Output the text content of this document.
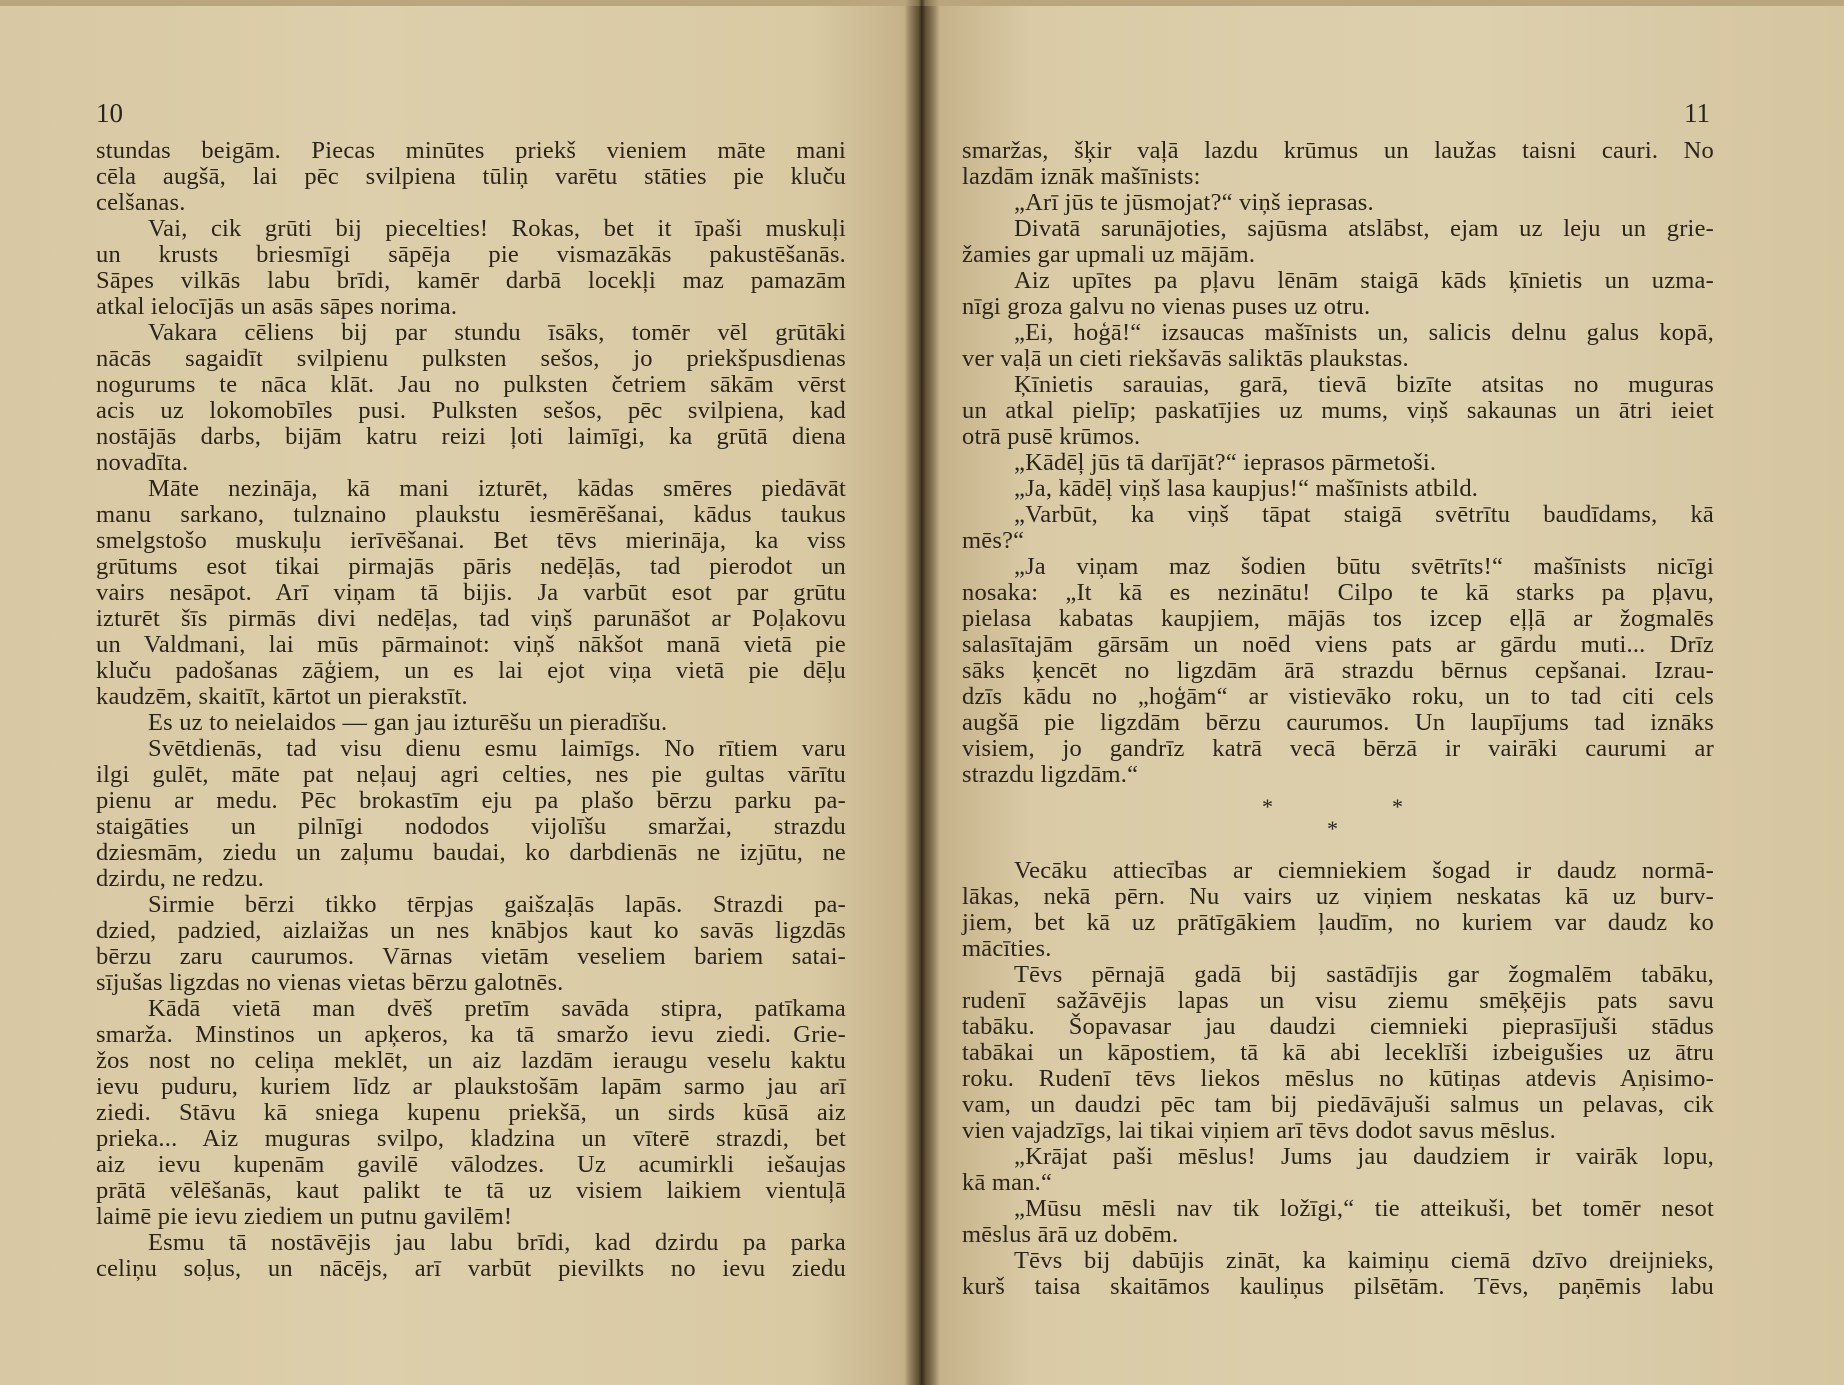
10
stundas beigām. Piecas minūtes priekš vieniem māte mani
cēla augšā, lai pēc svilpiena tūliņ varētu stāties pie kluču
celšanas.
Vai, cik grūti bij piecelties! Rokas, bet it īpaši muskuļi
un krusts briesmīgi sāpēja pie vismazākās pakustēšanās.
Sāpes vilkās labu brīdi, kamēr darbā locekļi maz pamazām
atkal ielocījās un asās sāpes norima.
Vakara cēliens bij par stundu īsāks, tomēr vēl grūtāki
nācās sagaidīt svilpienu pulksten sešos, jo priekšpusdienas
nogurums te nāca klāt. Jau no pulksten četriem sākām vērst
acis uz lokomobīles pusi. Pulksten sešos, pēc svilpiena, kad
nostājās darbs, bijām katru reizi ļoti laimīgi, ka grūtā diena
novadīta.
Māte nezināja, kā mani izturēt, kādas smēres piedāvāt
manu sarkano, tulznaino plaukstu iesmērēšanai, kādus taukus
smelgstošo muskuļu ierīvēšanai. Bet tēvs mierināja, ka viss
grūtums esot tikai pirmajās pāris nedēļās, tad pierodot un
vairs nesāpot. Arī viņam tā bijis. Ja varbūt esot par grūtu
izturēt šīs pirmās divi nedēļas, tad viņš parunāšot ar Poļakovu
un Valdmani, lai mūs pārmainot: viņš nākšot manā vietā pie
kluču padošanas zāģiem, un es lai ejot viņa vietā pie dēļu
kaudzēm, skaitīt, kārtot un pierakstīt.
Es uz to neielaidos — gan jau izturēšu un pieradīšu.
Svētdienās, tad visu dienu esmu laimīgs. No rītiem varu
ilgi gulēt, māte pat neļauj agri celties, nes pie gultas vārītu
pienu ar medu. Pēc brokastīm eju pa plašo bērzu parku pa-
staigāties un pilnīgi nododos vijolīšu smaržai, strazdu
dziesmām, ziedu un zaļumu baudai, ko darbdienās ne izjūtu, ne
dzirdu, ne redzu.
Sirmie bērzi tikko tērpjas gaišzaļās lapās. Strazdi pa-
dzied, padzied, aizlaižas un nes knābjos kaut ko savās ligzdās
bērzu zaru caurumos. Vārnas vietām veseliem bariem satai-
sījušas ligzdas no vienas vietas bērzu galotnēs.
Kādā vietā man dvēš pretīm savāda stipra, patīkama
smarža. Minstinos un apķeros, ka tā smaržo ievu ziedi. Grie-
žos nost no celiņa meklēt, un aiz lazdām ieraugu veselu kaktu
ievu puduru, kuriem līdz ar plaukstošām lapām sarmo jau arī
ziedi. Stāvu kā sniega kupenu priekšā, un sirds kūsā aiz
prieka... Aiz muguras svilpo, kladzina un vīterē strazdi, bet
aiz ievu kupenām gavilē vālodzes. Uz acumirkli iešaujas
prātā vēlēšanās, kaut palikt te tā uz visiem laikiem vientuļā
laimē pie ievu ziediem un putnu gavilēm!
Esmu tā nostāvējis jau labu brīdi, kad dzirdu pa parka
celiņu soļus, un nācējs, arī varbūt pievilkts no ievu ziedu
11
smaržas, šķir vaļā lazdu krūmus un laužas taisni cauri. No
lazdām iznāk mašīnists:
„Arī jūs te jūsmojat?“ viņš ieprasas.
Divatā sarunājoties, sajūsma atslābst, ejam uz leju un grie-
žamies gar upmali uz mājām.
Aiz upītes pa pļavu lēnām staigā kāds ķīnietis un uzma-
nīgi groza galvu no vienas puses uz otru.
„Ei, hoģā!“ izsaucas mašīnists un, salicis delnu galus kopā,
ver vaļā un cieti riekšavās saliktās plaukstas.
Ķīnietis sarauias, garā, tievā bizīte atsitas no muguras
un atkal pielīp; paskatījies uz mums, viņš sakaunas un ātri ieiet
otrā pusē krūmos.
„Kādēļ jūs tā darījāt?“ ieprasos pārmetoši.
„Ja, kādēļ viņš lasa kaupjus!“ mašīnists atbild.
„Varbūt, ka viņš tāpat staigā svētrītu baudīdams, kā
mēs?“
„Ja viņam maz šodien būtu svētrīts!“ mašīnists nicīgi
nosaka: „It kā es nezinātu! Cilpo te kā starks pa pļavu,
pielasa kabatas kaupjiem, mājās tos izcep eļļā ar žogmalēs
salasītajām gārsām un noēd viens pats ar gārdu muti... Drīz
sāks ķencēt no ligzdām ārā strazdu bērnus cepšanai. Izrau-
dzīs kādu no „hoģām“ ar vistievāko roku, un to tad citi cels
augšā pie ligzdām bērzu caurumos. Un laupījums tad iznāks
visiem, jo gandrīz katrā vecā bērzā ir vairāki caurumi ar
strazdu ligzdām.“
*	*
*
Vecāku attiecības ar ciemniekiem šogad ir daudz normā-
lākas, nekā pērn. Nu vairs uz viņiem neskatas kā uz burv-
jiem, bet kā uz prātīgākiem ļaudīm, no kuriem var daudz ko
mācīties.
Tēvs pērnajā gadā bij sastādījis gar žogmalēm tabāku,
rudenī sažāvējis lapas un visu ziemu smēķējis pats savu
tabāku. Šopavasar jau daudzi ciemnieki pieprasījuši stādus
tabākai un kāpostiem, tā kā abi leceklīši izbeigušies uz ātru
roku. Rudenī tēvs liekos mēslus no kūtiņas atdevis Aņisimo-
vam, un daudzi pēc tam bij piedāvājuši salmus un pelavas, cik
vien vajadzīgs, lai tikai viņiem arī tēvs dodot savus mēslus.
„Krājat paši mēslus! Jums jau daudziem ir vairāk lopu,
kā man.“
„Mūsu mēsli nav tik ložīgi,“ tie atteikuši, bet tomēr nesot
mēslus ārā uz dobēm.
Tēvs bij dabūjis zināt, ka kaimiņu ciemā dzīvo dreijnieks,
kurš taisa skaitāmos kauliņus pilsētām. Tēvs, paņēmis labu
